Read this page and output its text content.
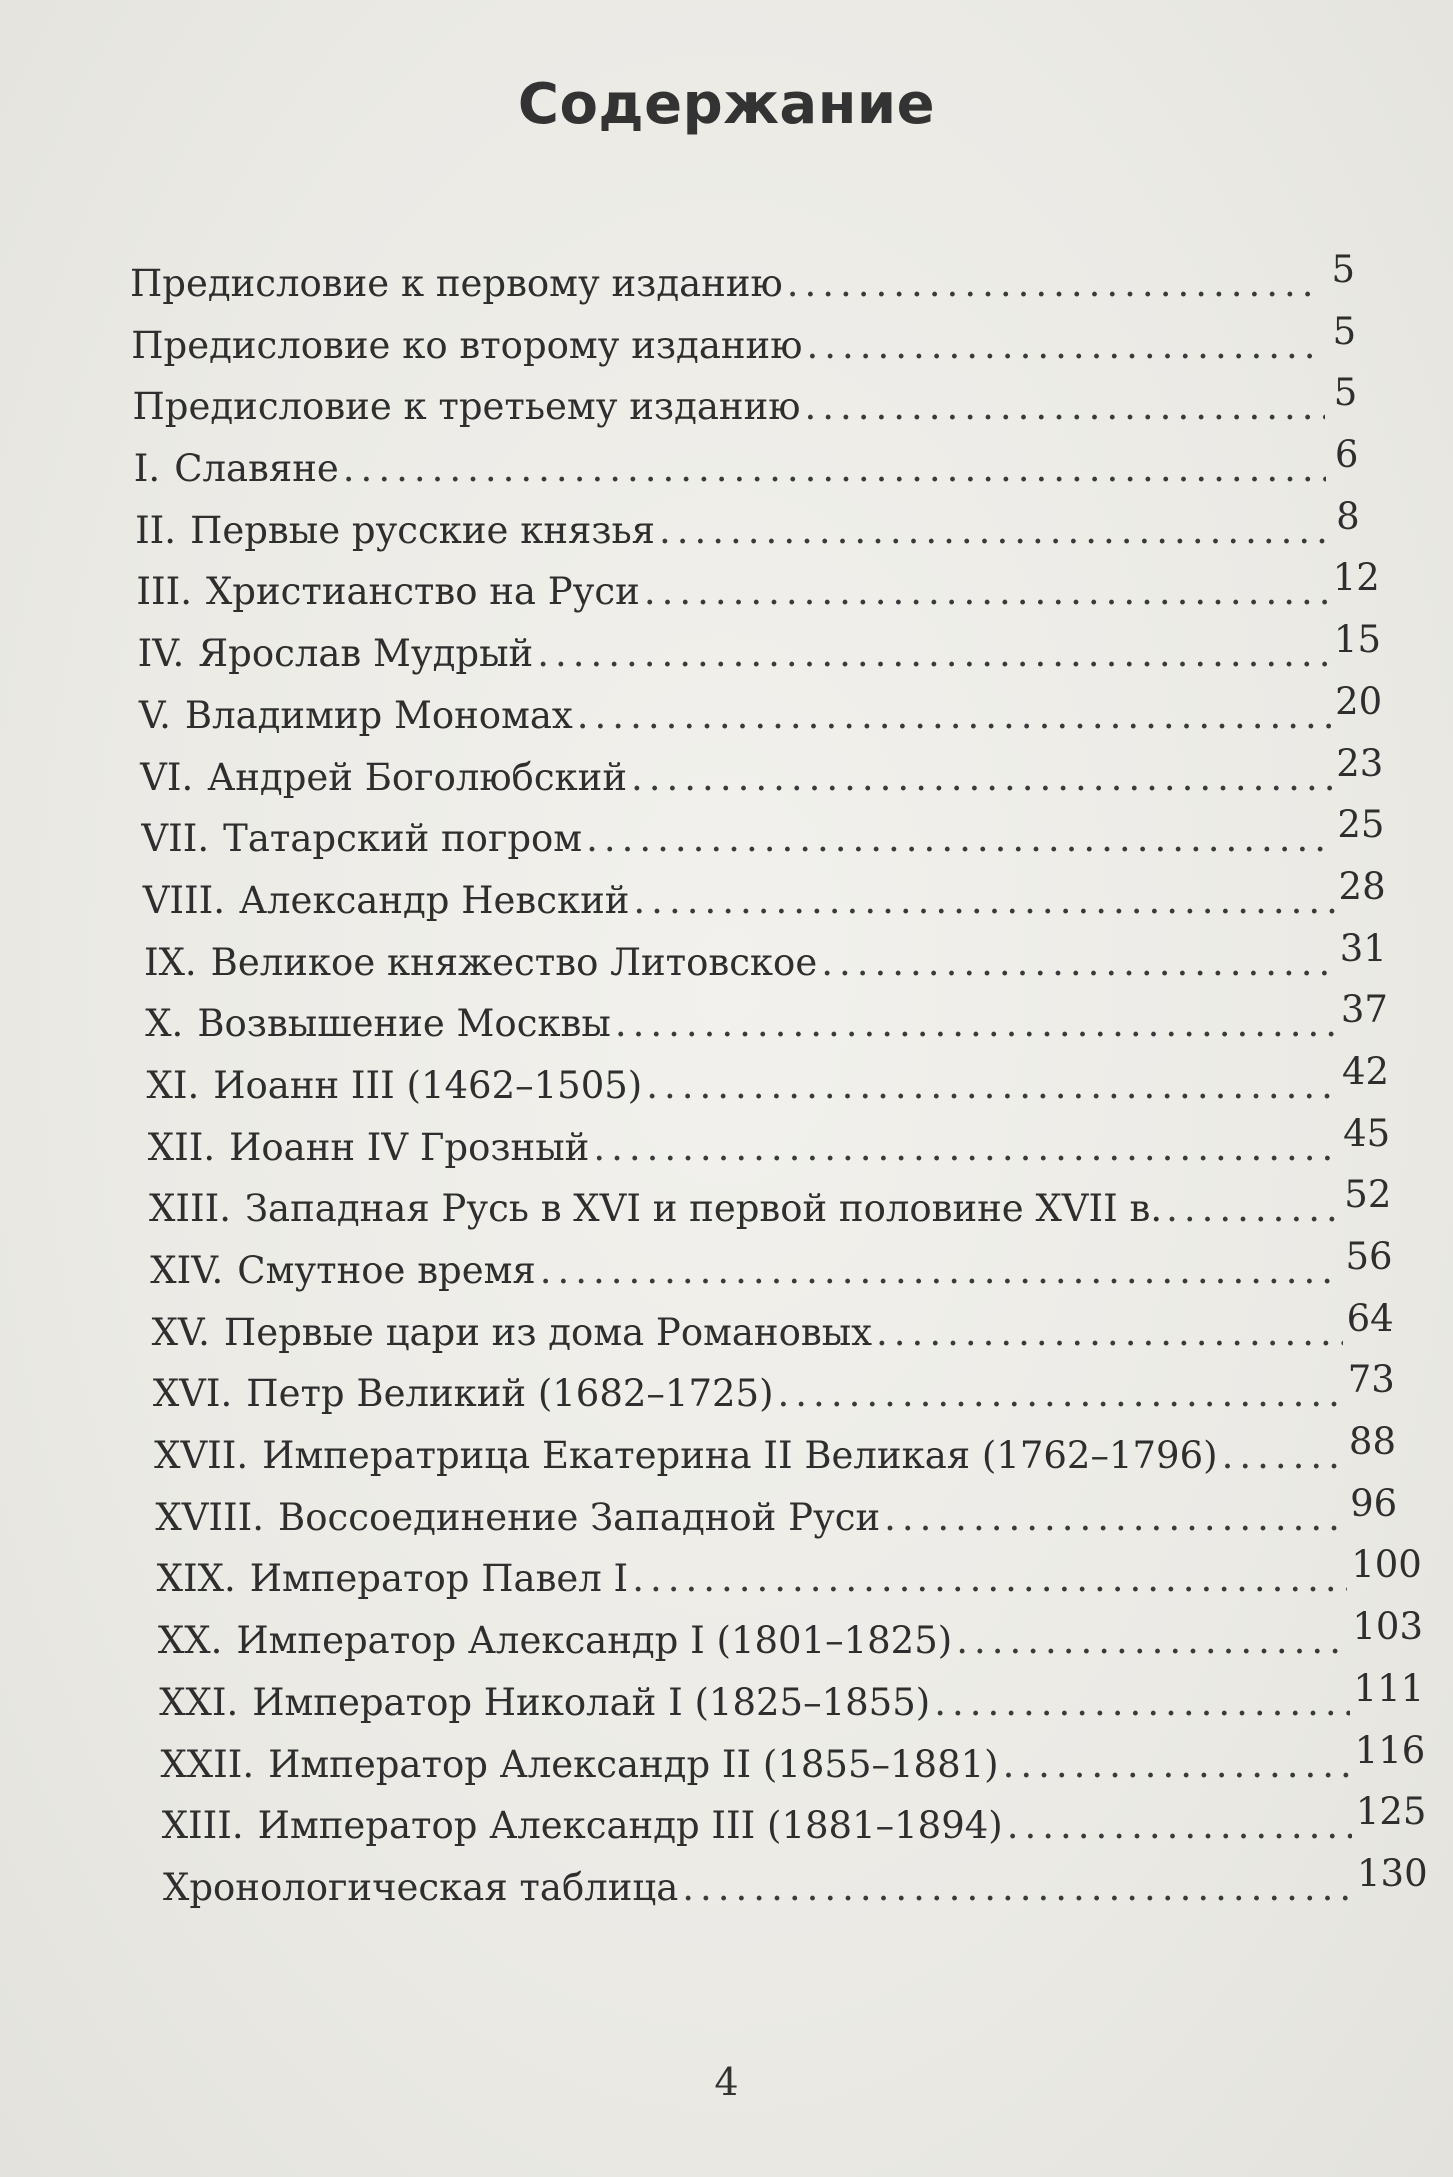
Содержание
Предисловие к первому изданию .....	5
Предисловие ко второму изданию .....	5
Предисловие к третьему изданию .....	5
I. Славяне .....	6
II. Первые русские князья .....	8
III. Христианство на Руси .....	12
IV. Ярослав Мудрый .....	15
V. Владимир Мономах .....	20
VI. Андрей Боголюбский .....	23
VII. Татарский погром .....	25
VIII. Александр Невский .....	28
IX. Великое княжество Литовское .....	31
X. Возвышение Москвы .....	37
XI. Иоанн III (1462–1505) .....	42
XII. Иоанн IV Грозный .....	45
XIII. Западная Русь в XVI и первой половине XVII в. .....	52
XIV. Смутное время .....	56
XV. Первые цари из дома Романовых .....	64
XVI. Петр Великий (1682–1725) .....	73
XVII. Императрица Екатерина II Великая (1762–1796) .....	88
XVIII. Воссоединение Западной Руси .....	96
XIX. Император Павел I .....	100
XX. Император Александр I (1801–1825) .....	103
XXI. Император Николай I (1825–1855) .....	111
XXII. Император Александр II (1855–1881) .....	116
XIII. Император Александр III (1881–1894) .....	125
Хронологическая таблица .....	130
4
